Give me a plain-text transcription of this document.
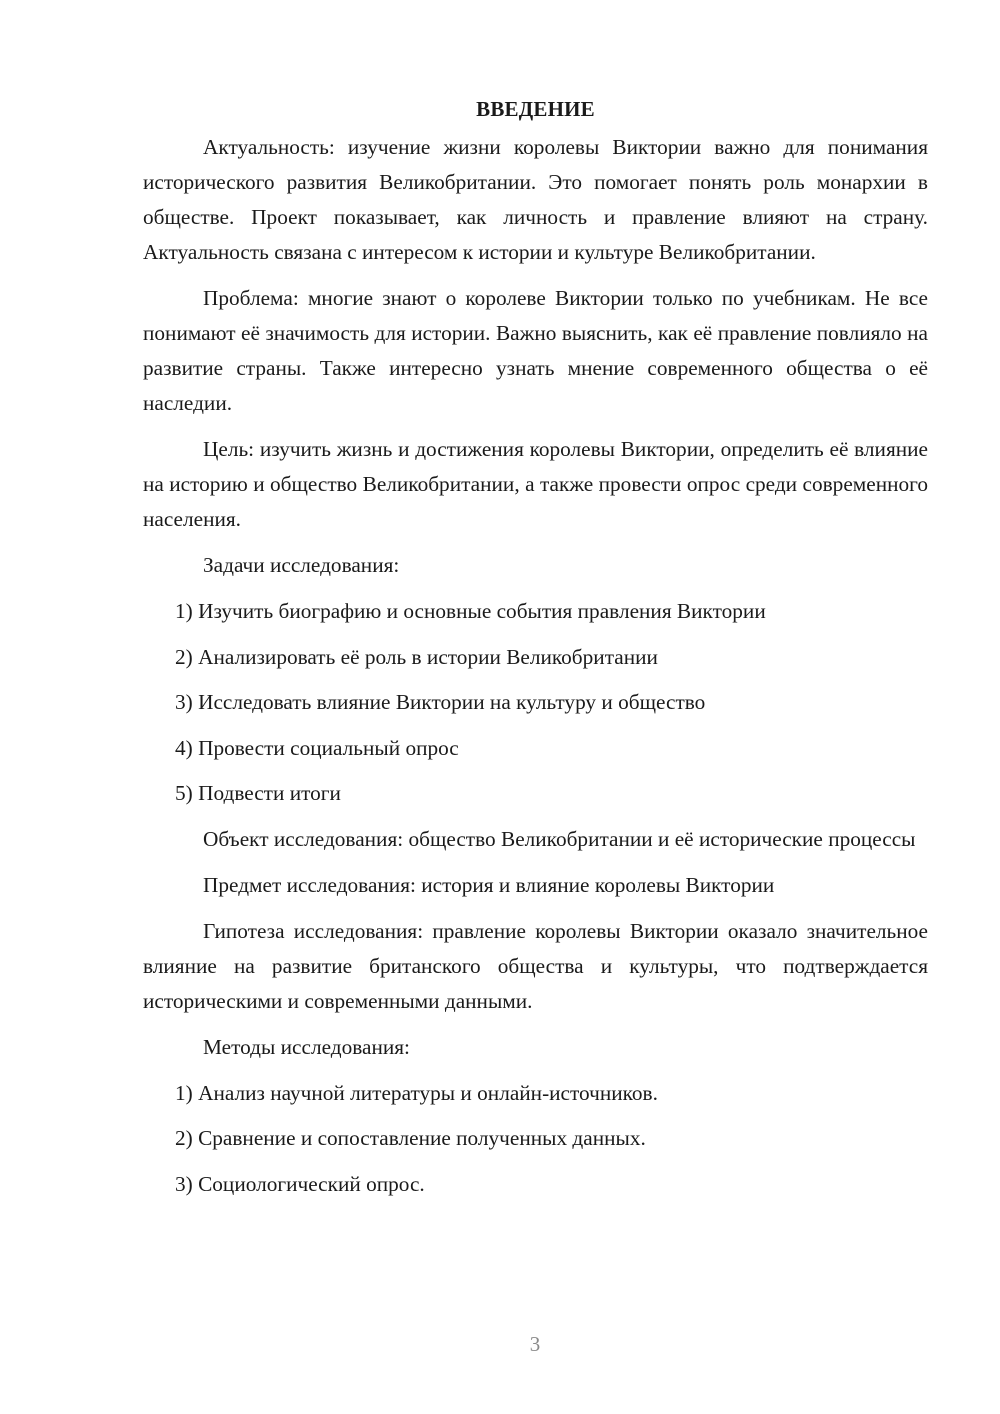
ВВЕДЕНИЕ

Актуальность: изучение жизни королевы Виктории важно для понимания исторического развития Великобритании. Это помогает понять роль монархии в обществе. Проект показывает, как личность и правление влияют на страну. Актуальность связана с интересом к истории и культуре Великобритании.

Проблема: многие знают о королеве Виктории только по учебникам. Не все понимают её значимость для истории. Важно выяснить, как её правление повлияло на развитие страны. Также интересно узнать мнение современного общества о её наследии.

Цель: изучить жизнь и достижения королевы Виктории, определить её влияние на историю и общество Великобритании, а также провести опрос среди современного населения.

Задачи исследования:

1) Изучить биографию и основные события правления Виктории
2) Анализировать её роль в истории Великобритании
3) Исследовать влияние Виктории на культуру и общество
4) Провести социальный опрос
5) Подвести итоги

Объект исследования: общество Великобритании и её исторические процессы

Предмет исследования: история и влияние королевы Виктории

Гипотеза исследования: правление королевы Виктории оказало значительное влияние на развитие британского общества и культуры, что подтверждается историческими и современными данными.

Методы исследования:

1) Анализ научной литературы и онлайн-источников.
2) Сравнение и сопоставление полученных данных.
3) Социологический опрос.
3
